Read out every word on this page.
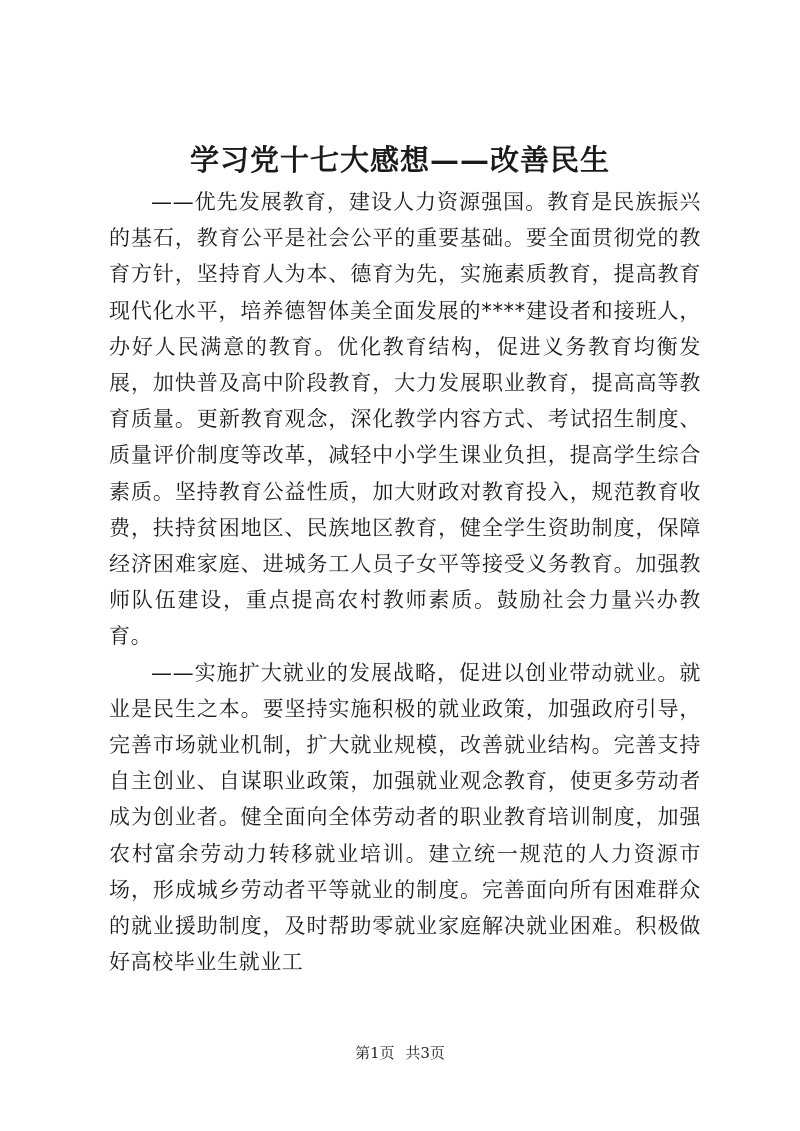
学习党十七大感想——改善民生

——优先发展教育，建设人力资源强国。教育是民族振兴的基石，教育公平是社会公平的重要基础。要全面贯彻党的教育方针，坚持育人为本、德育为先，实施素质教育，提高教育现代化水平，培养德智体美全面发展的****建设者和接班人，办好人民满意的教育。优化教育结构，促进义务教育均衡发展，加快普及高中阶段教育，大力发展职业教育，提高高等教育质量。更新教育观念，深化教学内容方式、考试招生制度、质量评价制度等改革，减轻中小学生课业负担，提高学生综合素质。坚持教育公益性质，加大财政对教育投入，规范教育收费，扶持贫困地区、民族地区教育，健全学生资助制度，保障经济困难家庭、进城务工人员子女平等接受义务教育。加强教师队伍建设，重点提高农村教师素质。鼓励社会力量兴办教育。

——实施扩大就业的发展战略，促进以创业带动就业。就业是民生之本。要坚持实施积极的就业政策，加强政府引导，完善市场就业机制，扩大就业规模，改善就业结构。完善支持自主创业、自谋职业政策，加强就业观念教育，使更多劳动者成为创业者。健全面向全体劳动者的职业教育培训制度，加强农村富余劳动力转移就业培训。建立统一规范的人力资源市场，形成城乡劳动者平等就业的制度。完善面向所有困难群众的就业援助制度，及时帮助零就业家庭解决就业困难。积极做好高校毕业生就业工

第1页 共3页
